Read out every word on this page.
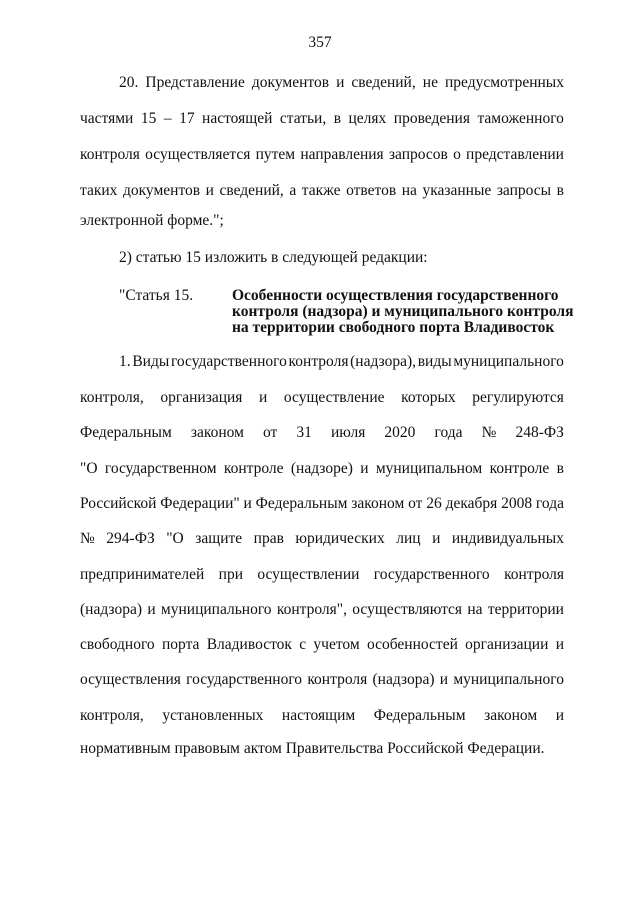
357
20. Представление документов и сведений, не предусмотренных
частями 15 – 17 настоящей статьи, в целях проведения таможенного
контроля осуществляется путем направления запросов о представлении
таких документов и сведений, а также ответов на указанные запросы в
электронной форме.";
2) статью 15 изложить в следующей редакции:
"Статья 15.	Особенности осуществления государственного
контроля (надзора) и муниципального контроля
на территории свободного порта Владивосток
1. Виды государственного контроля (надзора), виды муниципального
контроля, организация и осуществление которых регулируются
Федеральным законом от 31 июля 2020 года № 248-ФЗ
"О государственном контроле (надзоре) и муниципальном контроле в
Российской Федерации" и Федеральным законом от 26 декабря 2008 года
№ 294-ФЗ "О защите прав юридических лиц и индивидуальных
предпринимателей при осуществлении государственного контроля
(надзора) и муниципального контроля", осуществляются на территории
свободного порта Владивосток с учетом особенностей организации и
осуществления государственного контроля (надзора) и муниципального
контроля, установленных настоящим Федеральным законом и
нормативным правовым актом Правительства Российской Федерации.
